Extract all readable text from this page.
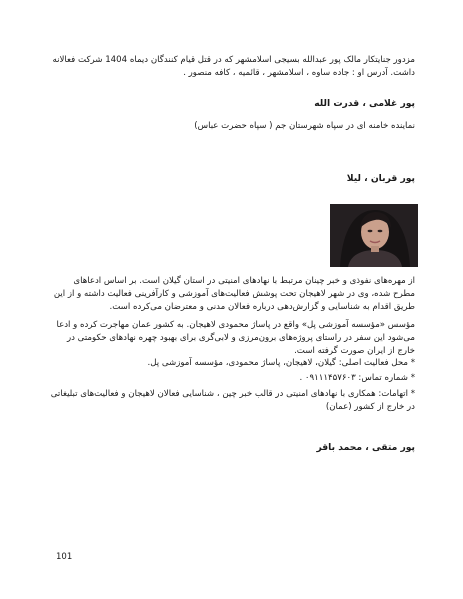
مزدور جنایتکار مالک پور عبدالله بسیجی اسلامشهر که در قتل قیام کنندگان دیماه 1404 شرکت فعالانه داشت. آدرس او : جاده ساوه ، اسلامشهر ، قائمیه ، کافه منصور .
پور غلامی ، قدرت الله
نماینده خامنه ای در سپاه شهرستان جم ( سپاه حضرت عباس)
پور قربان ، لیلا
از مهره‌های نفوذی و خبر چینان مرتبط با نهادهای امنیتی در استان گیلان است. بر اساس ادعاهای مطرح شده، وی در شهر لاهیجان تحت پوشش فعالیت‌های آموزشی و کارآفرینی فعالیت داشته و از این طریق اقدام به شناسایی و گزارش‌دهی درباره فعالان مدنی و معترضان می‌کرده است.
مؤسس «مؤسسه آموزشی پل» واقع در پاساژ محمودی لاهیجان. به کشور عمان مهاجرت کرده و ادعا می‌شود این سفر در راستای پروژه‌های برون‌مرزی و لابی‌گری برای بهبود چهره نهادهای حکومتی در خارج از ایران صورت گرفته است.
* محل فعالیت اصلی: گیلان، لاهیجان، پاساژ محمودی، مؤسسه آموزشی پل.
* شماره تماس: ۰۹۱۱۱۴۵۷۶۰۳ .
* اتهامات: همکاری با نهادهای امنیتی در قالب خبر چین ، شناسایی فعالان لاهیجان و فعالیت‌های تبلیغاتی در خارج از کشور (عمان)
پور متقی ، محمد باقر
101
